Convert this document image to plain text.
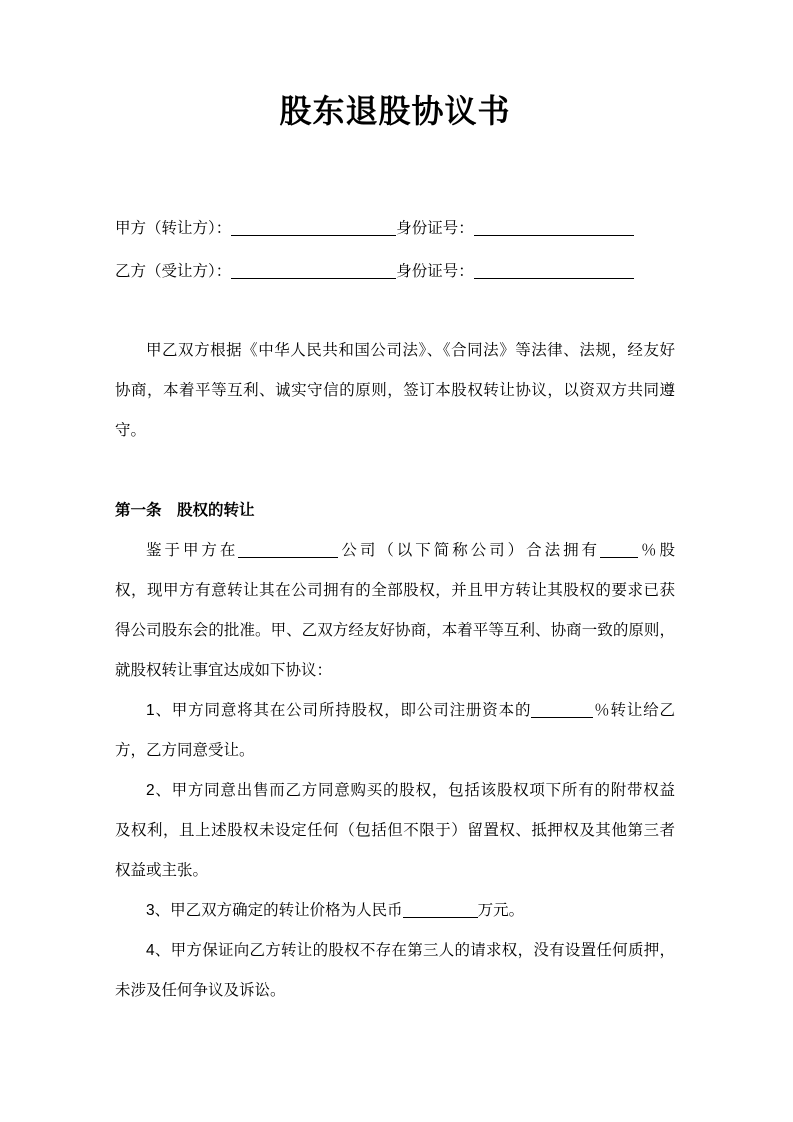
股东退股协议书
甲方（转让方）：	身份证号：
乙方（受让方）：	身份证号：
甲乙双方根据《中华人民共和国公司法》、《合同法》等法律、法规，经友好
协商，本着平等互利、诚实守信的原则，签订本股权转让协议，以资双方共同遵
守。
第一条　股权的转让
鉴于甲方在	公司（以下简称公司）合法拥有 ％股
权，现甲方有意转让其在公司拥有的全部股权，并且甲方转让其股权的要求已获
得公司股东会的批准。甲、乙双方经友好协商，本着平等互利、协商一致的原则，
就股权转让事宜达成如下协议：
1、甲方同意将其在公司所持股权，即公司注册资本的	％转让给乙
方，乙方同意受让。
2、甲方同意出售而乙方同意购买的股权，包括该股权项下所有的附带权益
及权利，且上述股权未设定任何（包括但不限于）留置权、抵押权及其他第三者
权益或主张。
3、甲乙双方确定的转让价格为人民币	万元。
4、甲方保证向乙方转让的股权不存在第三人的请求权，没有设置任何质押，
未涉及任何争议及诉讼。
